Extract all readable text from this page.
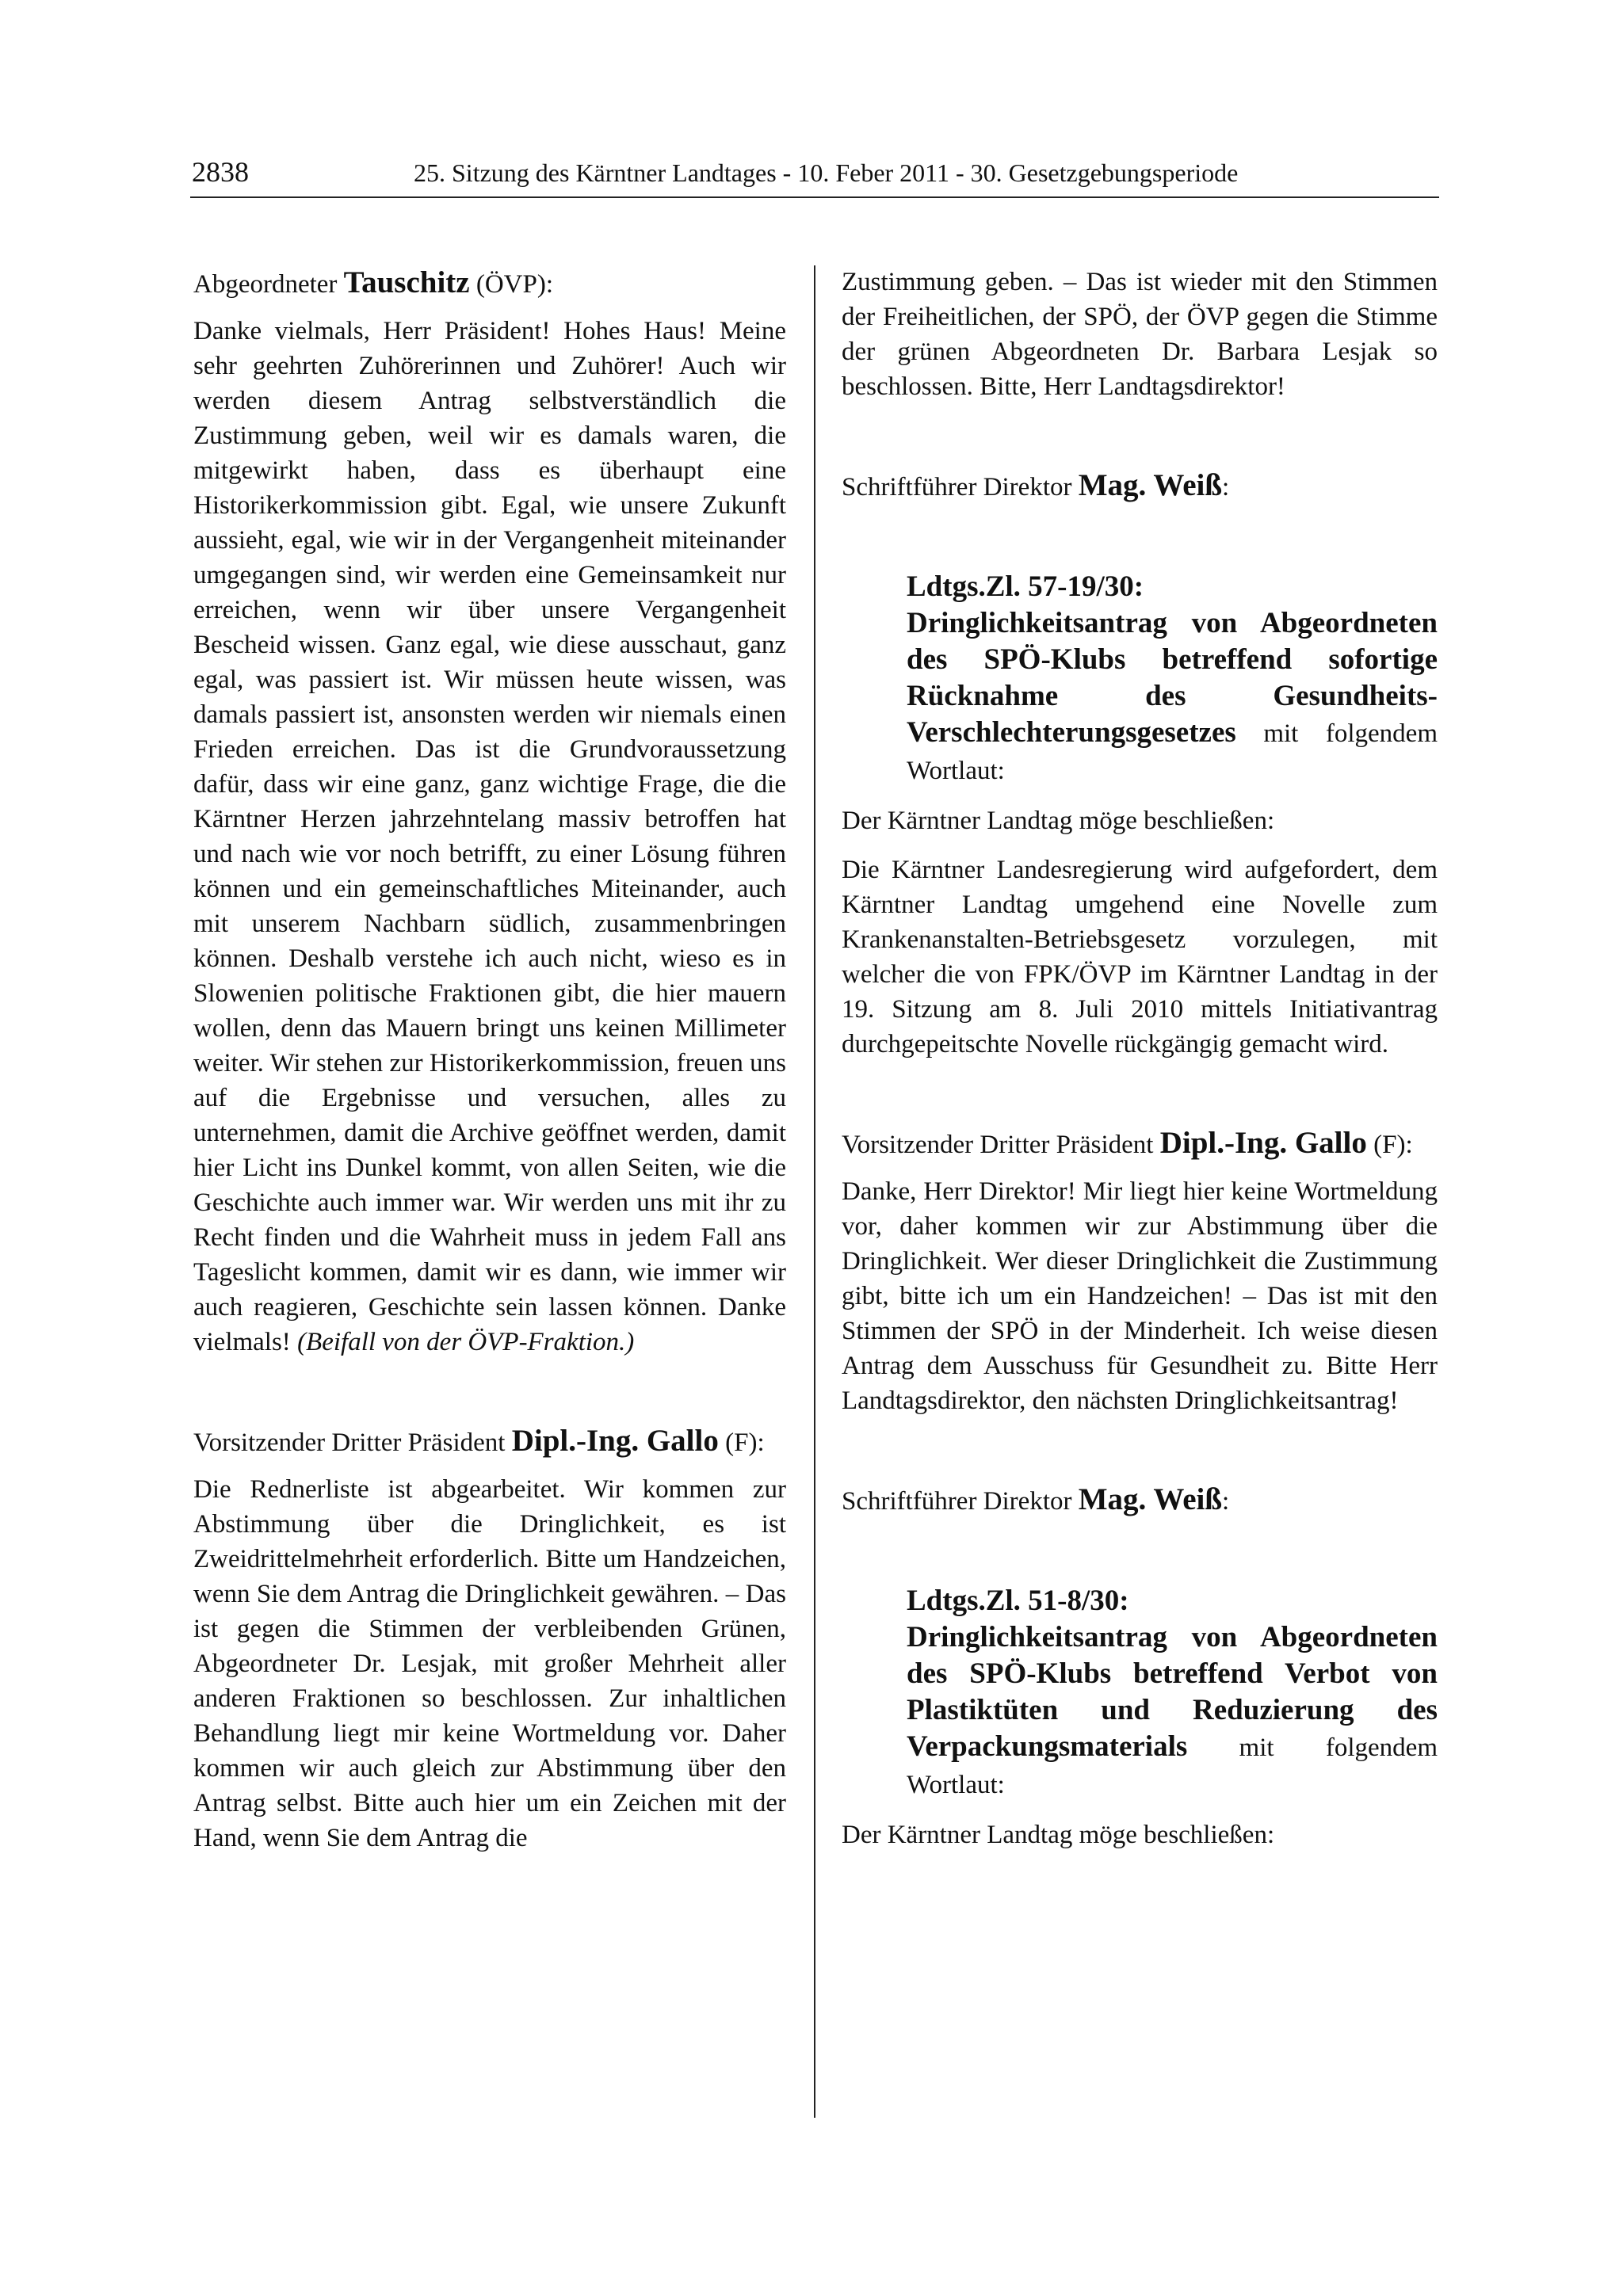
2838	25. Sitzung des Kärntner Landtages - 10. Feber 2011 - 30. Gesetzgebungsperiode
Abgeordneter Tauschitz (ÖVP):

Danke vielmals, Herr Präsident! Hohes Haus! Meine sehr geehrten Zuhörerinnen und Zuhörer! Auch wir werden diesem Antrag selbstverständlich die Zustimmung geben, weil wir es damals waren, die mitgewirkt haben, dass es überhaupt eine Historikerkommission gibt. Egal, wie unsere Zukunft aussieht, egal, wie wir in der Vergangenheit miteinander umgegangen sind, wir werden eine Gemeinsamkeit nur erreichen, wenn wir über unsere Vergangenheit Bescheid wissen. Ganz egal, wie diese ausschaut, ganz egal, was passiert ist. Wir müssen heute wissen, was damals passiert ist, ansonsten werden wir niemals einen Frieden erreichen. Das ist die Grundvoraussetzung dafür, dass wir eine ganz, ganz wichtige Frage, die die Kärntner Herzen jahrzehntelang massiv betroffen hat und nach wie vor noch betrifft, zu einer Lösung führen können und ein gemeinschaftliches Miteinander, auch mit unserem Nachbarn südlich, zusammenbringen können. Deshalb verstehe ich auch nicht, wieso es in Slowenien politische Fraktionen gibt, die hier mauern wollen, denn das Mauern bringt uns keinen Millimeter weiter. Wir stehen zur Historikerkommission, freuen uns auf die Ergebnisse und versuchen, alles zu unternehmen, damit die Archive geöffnet werden, damit hier Licht ins Dunkel kommt, von allen Seiten, wie die Geschichte auch immer war. Wir werden uns mit ihr zu Recht finden und die Wahrheit muss in jedem Fall ans Tageslicht kommen, damit wir es dann, wie immer wir auch reagieren, Geschichte sein lassen können. Danke vielmals! (Beifall von der ÖVP-Fraktion.)

Vorsitzender Dritter Präsident Dipl.-Ing. Gallo (F):

Die Rednerliste ist abgearbeitet. Wir kommen zur Abstimmung über die Dringlichkeit, es ist Zweidrittelmehrheit erforderlich. Bitte um Handzeichen, wenn Sie dem Antrag die Dringlichkeit gewähren. – Das ist gegen die Stimmen der verbleibenden Grünen, Abgeordneter Dr. Lesjak, mit großer Mehrheit aller anderen Fraktionen so beschlossen. Zur inhaltlichen Behandlung liegt mir keine Wortmeldung vor. Daher kommen wir auch gleich zur Abstimmung über den Antrag selbst. Bitte auch hier um ein Zeichen mit der Hand, wenn Sie dem Antrag die

Zustimmung geben. – Das ist wieder mit den Stimmen der Freiheitlichen, der SPÖ, der ÖVP gegen die Stimme der grünen Abgeordneten Dr. Barbara Lesjak so beschlossen. Bitte, Herr Landtagsdirektor!

Schriftführer Direktor Mag. Weiß:
Ldtgs.Zl. 57-19/30:
Dringlichkeitsantrag von Abgeordneten des SPÖ-Klubs betreffend sofortige Rücknahme des Gesundheits-Verschlechterungsgesetzes mit folgendem Wortlaut:

Der Kärntner Landtag möge beschließen:

Die Kärntner Landesregierung wird aufgefordert, dem Kärntner Landtag umgehend eine Novelle zum Krankenanstalten-Betriebsgesetz vorzulegen, mit welcher die von FPK/ÖVP im Kärntner Landtag in der 19. Sitzung am 8. Juli 2010 mittels Initiativantrag durchgepeitschte Novelle rückgängig gemacht wird.

Vorsitzender Dritter Präsident Dipl.-Ing. Gallo (F):

Danke, Herr Direktor! Mir liegt hier keine Wortmeldung vor, daher kommen wir zur Abstimmung über die Dringlichkeit. Wer dieser Dringlichkeit die Zustimmung gibt, bitte ich um ein Handzeichen! – Das ist mit den Stimmen der SPÖ in der Minderheit. Ich weise diesen Antrag dem Ausschuss für Gesundheit zu. Bitte Herr Landtagsdirektor, den nächsten Dringlichkeitsantrag!

Schriftführer Direktor Mag. Weiß:
Ldtgs.Zl. 51-8/30:
Dringlichkeitsantrag von Abgeordneten des SPÖ-Klubs betreffend Verbot von Plastiktüten und Reduzierung des Verpackungsmaterials mit folgendem Wortlaut:

Der Kärntner Landtag möge beschließen:
